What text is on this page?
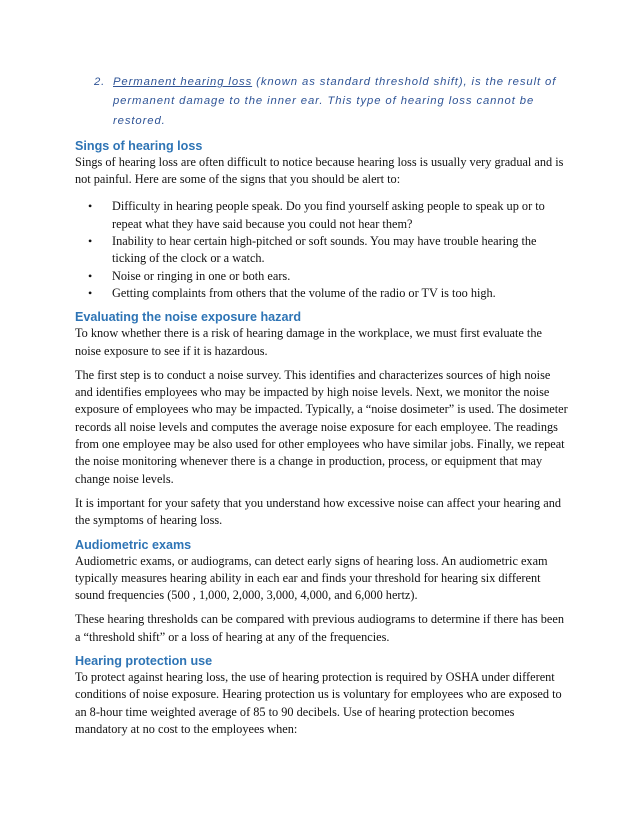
2. Permanent hearing loss (known as standard threshold shift), is the result of permanent damage to the inner ear. This type of hearing loss cannot be restored.
Sings of hearing loss

Sings of hearing loss are often difficult to notice because hearing loss is usually very gradual and is not painful. Here are some of the signs that you should be alert to:

•	Difficulty in hearing people speak. Do you find yourself asking people to speak up or to repeat what they have said because you could not hear them?
•	Inability to hear certain high-pitched or soft sounds. You may have trouble hearing the ticking of the clock or a watch.
•	Noise or ringing in one or both ears.
•	Getting complaints from others that the volume of the radio or TV is too high.
Evaluating the noise exposure hazard

To know whether there is a risk of hearing damage in the workplace, we must first evaluate the noise exposure to see if it is hazardous.

The first step is to conduct a noise survey. This identifies and characterizes sources of high noise and identifies employees who may be impacted by high noise levels. Next, we monitor the noise exposure of employees who may be impacted. Typically, a “noise dosimeter” is used. The dosimeter records all noise levels and computes the average noise exposure for each employee. The readings from one employee may be also used for other employees who have similar jobs. Finally, we repeat the noise monitoring whenever there is a change in production, process, or equipment that may change noise levels.

It is important for your safety that you understand how excessive noise can affect your hearing and the symptoms of hearing loss.

Audiometric exams

Audiometric exams, or audiograms, can detect early signs of hearing loss. An audiometric exam typically measures hearing ability in each ear and finds your threshold for hearing six different sound frequencies (500 , 1,000, 2,000, 3,000, 4,000, and 6,000 hertz).

These hearing thresholds can be compared with previous audiograms to determine if there has been a “threshold shift” or a loss of hearing at any of the frequencies.

Hearing protection use

To protect against hearing loss, the use of hearing protection is required by OSHA under different conditions of noise exposure. Hearing protection us is voluntary for employees who are exposed to an 8-hour time weighted average of 85 to 90 decibels. Use of hearing protection becomes mandatory at no cost to the employees when:
